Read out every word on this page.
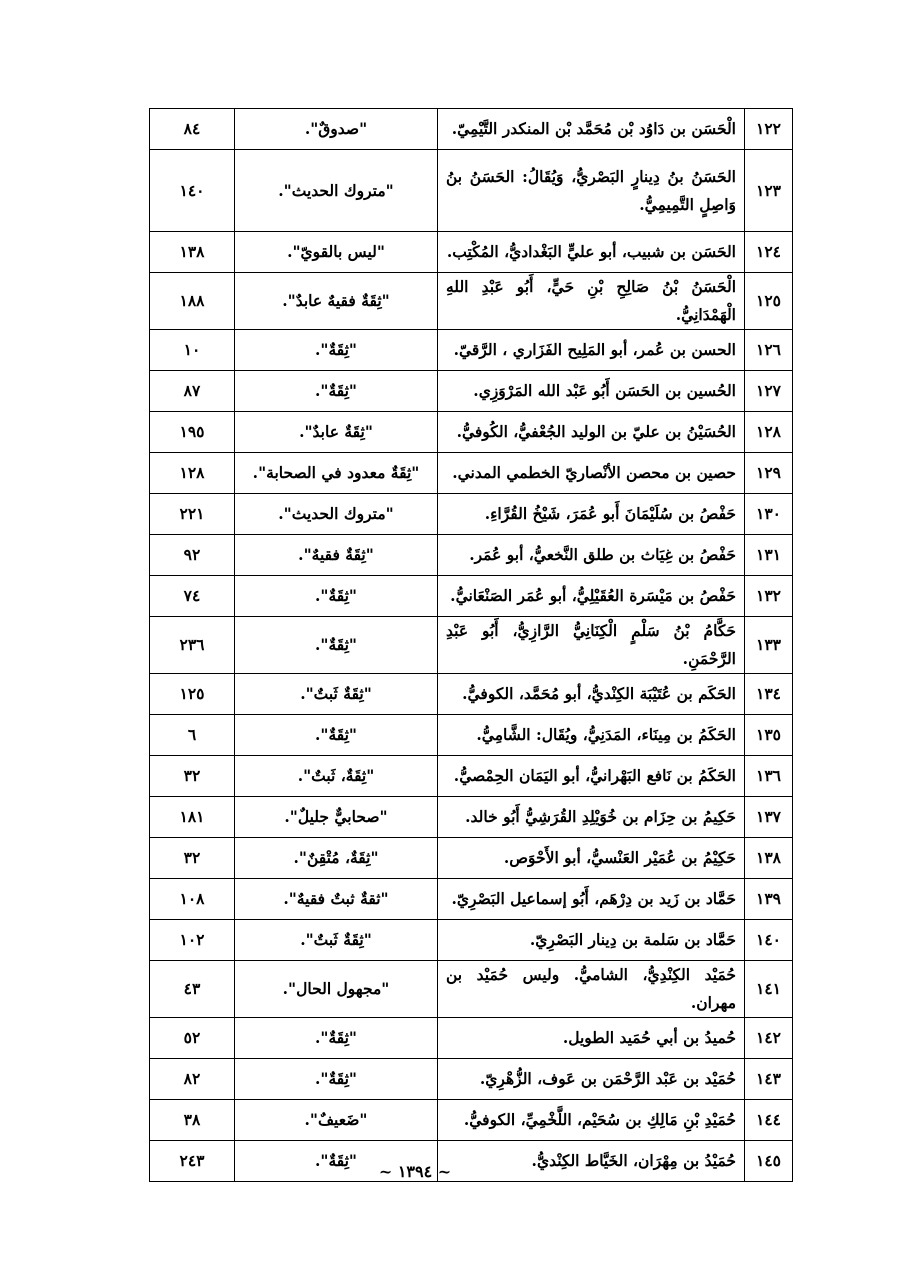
١٢٢	الْحَسَن بن دَاوُد بْن مُحَمَّد بْن المنكدر التَّيْمِيّ.	"صدوقٌ".	٨٤
١٢٣	الحَسَنُ بنُ دِينارٍ البَصْريُّ، وَيُقَالُ: الحَسَنُ بنُ وَاصِلٍ التَّمِيمِيُّ.	"متروك الحديث".	١٤٠
١٢٤	الحَسَن بن شبيب، أبو عليٍّ البَغْداديُّ، المُكْتِب.	"ليس بالقويّ".	١٣٨
١٢٥	الْحَسَنُ بْنُ صَالِحِ بْنِ حَيٍّ، أَبُو عَبْدِ اللهِ الْهَمْدَانِيُّ.	"ثِقَةٌ فقيهٌ عابدٌ".	١٨٨
١٢٦	الحسن بن عُمر، أبو المَلِيح الفَزَاري ، الرَّقيّ.	"ثِقَةٌ".	١٠
١٢٧	الحُسين بن الحَسَن أَبُو عَبْد الله المَرْوَزِي.	"ثِقَةٌ".	٨٧
١٢٨	الحُسَيْنُ بن عليّ بن الوليد الجُعْفيُّ، الكُوفيُّ.	"ثِقَةٌ عابدٌ".	١٩٥
١٢٩	حصين بن محصن الأنْصاريّ الخطمي المدني.	"ثِقَةٌ معدود في الصحابة".	١٢٨
١٣٠	حَفْصُ بن سُلَيْمَانَ أَبو عُمَرَ، شَيْخُ القُرَّاءِ.	"متروك الحديث".	٢٢١
١٣١	حَفْصُ بن غِيَاث بن طلق النَّخعيُّ، أبو عُمَر.	"ثِقَةٌ فقيهٌ".	٩٢
١٣٢	حَفْصُ بن مَيْسَرة العُقَيْلِيُّ، أبو عُمَر الصَنْعَانيُّ.	"ثِقَةٌ".	٧٤
١٣٣	حَكَّامُ بْنُ سَلْمٍ الْكِنَانِيُّ الرَّازِيُّ، أَبُو عَبْدِ الرَّحْمَنِ.	"ثِقَةٌ".	٢٣٦
١٣٤	الحَكَم بن عُتَيْبَة الكِنْديُّ، أبو مُحَمَّد، الكوفيُّ.	"ثِقَةٌ ثَبتٌ".	١٢٥
١٣٥	الحَكَمُ بن مِينَاء، المَدَنِيُّ، ويُقَال: الشَّامِيُّ.	"ثِقَةٌ".	٦
١٣٦	الحَكَمُ بن نَافع البَهْرانيُّ، أبو اليَمَان الحِمْصيُّ.	"ثِقَةٌ، ثَبتٌ".	٣٢
١٣٧	حَكِيمُ بن حِزَام بن خُوَيْلِدِ القُرَشِيُّ أَبُو خالد.	"صحابيٌّ جليلٌ".	١٨١
١٣٨	حَكِيْمُ بن عُمَيْر العَنْسيُّ، أبو الأَحْوَص.	"ثِقَةٌ، مُتْقِنٌ".	٣٢
١٣٩	حَمَّاد بن زَيد بن دِرْهَم، أَبُو إسماعيل البَصْرِيّ.	"ثقةٌ ثبتٌ فقيهٌ".	١٠٨
١٤٠	حَمَّاد بن سَلمة بن دِينار البَصْرِيّ.	"ثِقَةٌ ثَبتٌ".	١٠٢
١٤١	حُمَيْد الكِنْدِيُّ، الشاميُّ. وليس حُمَيْد بن مهران.	"مجهول الحال".	٤٣
١٤٢	حُميدُ بن أبي حُمَيد الطويل.	"ثِقَةٌ".	٥٢
١٤٣	حُمَيْد بن عَبْد الرَّحْمَن بن عَوف، الزُّهْرِيّ.	"ثِقَةٌ".	٨٢
١٤٤	حُمَيْدِ بْنِ مَالِكِ بن سُحَيْم، اللَّخْمِيِّ، الكوفيُّ.	"ضَعيفٌ".	٣٨
١٤٥	حُمَيْدُ بن مِهْرَان، الخَيَّاط الكِنْديُّ.	"ثِقَةٌ".	٢٤٣
~ ١٣٩٤ ~
